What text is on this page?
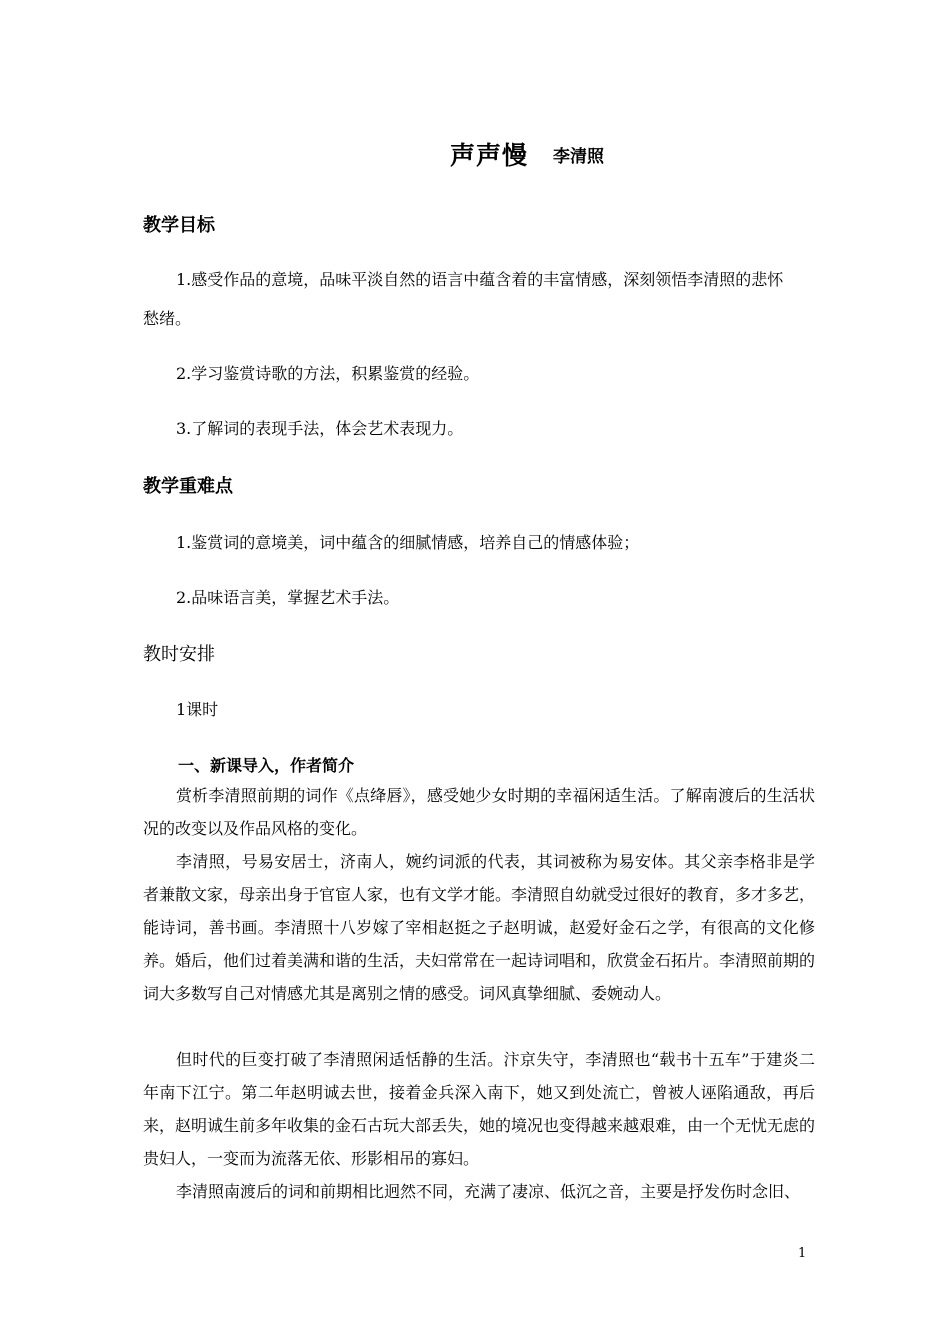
声声慢 李清照
教学目标
1.感受作品的意境，品味平淡自然的语言中蕴含着的丰富情感，深刻领悟李清照的悲怀
愁绪。
2.学习鉴赏诗歌的方法，积累鉴赏的经验。
3.了解词的表现手法，体会艺术表现力。
教学重难点
1.鉴赏词的意境美，词中蕴含的细腻情感，培养自己的情感体验；
2.品味语言美，掌握艺术手法。
教时安排
1课时
一、新课导入，作者简介

赏析李清照前期的词作《点绛唇》，感受她少女时期的幸福闲适生活。了解南渡后的生活状况的改变以及作品风格的变化。

李清照，号易安居士，济南人，婉约词派的代表，其词被称为易安体。其父亲李格非是学者兼散文家，母亲出身于官宦人家，也有文学才能。李清照自幼就受过很好的教育，多才多艺，能诗词，善书画。李清照十八岁嫁了宰相赵挺之子赵明诚，赵爱好金石之学，有很高的文化修养。婚后，他们过着美满和谐的生活，夫妇常常在一起诗词唱和，欣赏金石拓片。李清照前期的词大多数写自己对情感尤其是离别之情的感受。词风真挚细腻、委婉动人。

但时代的巨变打破了李清照闲适恬静的生活。汴京失守，李清照也“载书十五车”于建炎二年南下江宁。第二年赵明诚去世，接着金兵深入南下，她又到处流亡，曾被人诬陷通敌，再后来，赵明诚生前多年收集的金石古玩大部丢失，她的境况也变得越来越艰难，由一个无忧无虑的贵妇人，一变而为流落无依、形影相吊的寡妇。

李清照南渡后的词和前期相比迥然不同，充满了凄凉、低沉之音，主要是抒发伤时念旧、

1
